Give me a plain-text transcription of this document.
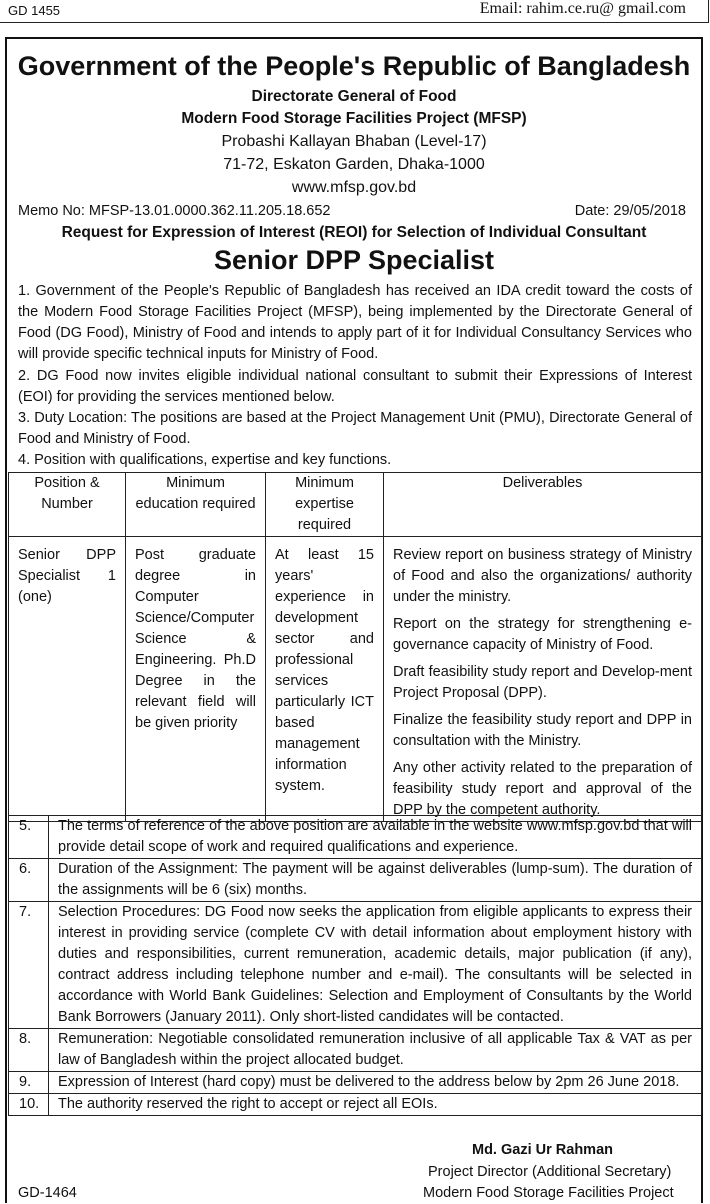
GD 1455	Email: rahim.ce.ru@ gmail.com
Government of the People's Republic of Bangladesh
Directorate General of Food
Modern Food Storage Facilities Project (MFSP)
Probashi Kallayan Bhaban (Level-17)
71-72, Eskaton Garden, Dhaka-1000
www.mfsp.gov.bd
Memo No: MFSP-13.01.0000.362.11.205.18.652	Date: 29/05/2018
Request for Expression of Interest (REOI) for Selection of Individual Consultant
Senior DPP Specialist
1. Government of the People's Republic of Bangladesh has received an IDA credit toward the costs of the Modern Food Storage Facilities Project (MFSP), being implemented by the Directorate General of Food (DG Food), Ministry of Food and intends to apply part of it for Individual Consultancy Services who will provide specific technical inputs for Ministry of Food.
2. DG Food now invites eligible individual national consultant to submit their Expressions of Interest (EOI) for providing the services mentioned below.
3. Duty Location: The positions are based at the Project Management Unit (PMU), Directorate General of Food and Ministry of Food.
4. Position with qualifications, expertise and key functions.
Position & Number	Minimum education required	Minimum expertise required	Deliverables
Senior DPP Specialist 1 (one)	Post graduate degree in Computer Science/Computer Science & Engineering. Ph.D Degree in the relevant field will be given priority	At least 15 years' experience in development sector and professional services particularly ICT based management information system.	Review report on business strategy of Ministry of Food and also the organizations/ authority under the ministry.

Report on the strategy for strengthening e-governance capacity of Ministry of Food.

Draft feasibility study report and Develop-ment Project Proposal (DPP).

Finalize the feasibility study report and DPP in consultation with the Ministry.

Any other activity related to the preparation of feasibility study report and approval of the DPP by the competent authority.

5.	The terms of reference of the above position are available in the website www.mfsp.gov.bd that will provide detail scope of work and required qualifications and experience.
6.	Duration of the Assignment: The payment will be against deliverables (lump-sum). The duration of the assignments will be 6 (six) months.
7.	Selection Procedures: DG Food now seeks the application from eligible applicants to express their interest in providing service (complete CV with detail information about employment history with duties and responsibilities, current remuneration, academic details, major publication (if any), contract address including telephone number and e-mail). The consultants will be selected in accordance with World Bank Guidelines: Selection and Employment of Consultants by the World Bank Borrowers (January 2011). Only short-listed candidates will be contacted.
8.	Remuneration: Negotiable consolidated remuneration inclusive of all applicable Tax & VAT as per law of Bangladesh within the project allocated budget.
9.	Expression of Interest (hard copy) must be delivered to the address below by 2pm 26 June 2018.
10.	The authority reserved the right to accept or reject all EOIs.
Md. Gazi Ur Rahman
Project Director (Additional Secretary)
Modern Food Storage Facilities Project
GD-1464
